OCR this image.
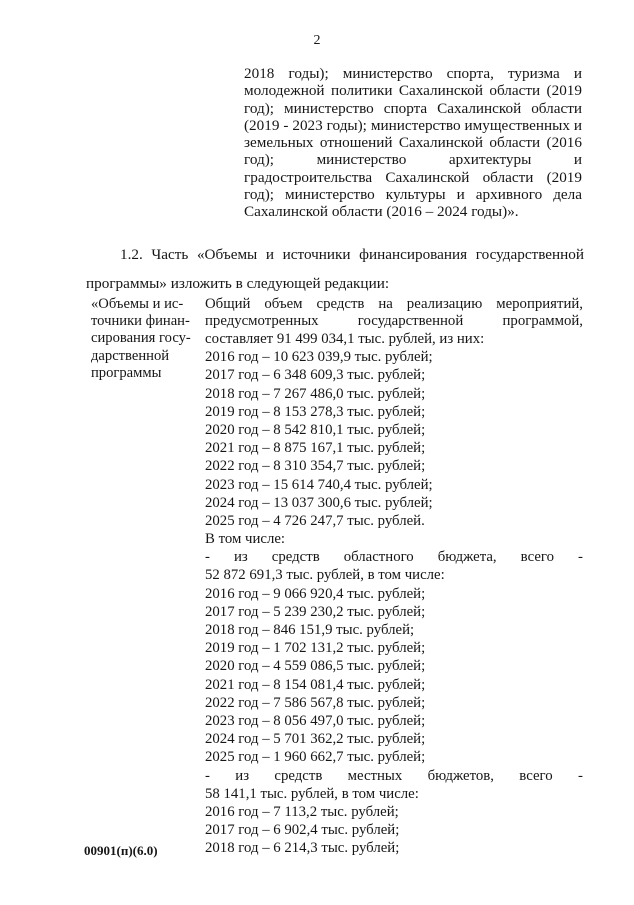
2
2018 годы); министерство спорта, туризма и молодежной политики Сахалинской области (2019 год); министерство спорта Сахалинской области (2019 - 2023 годы); министерство имущественных и земельных отношений Сахалинской области (2016 год); министерство архитектуры и градостроительства Сахалинской области (2019 год); министерство культуры и архивного дела Сахалинской области (2016 – 2024 годы)».
1.2. Часть «Объемы и источники финансирования государственной программы» изложить в следующей редакции:
«Объемы и ис-
точники финан-
сирования госу-
дарственной
программы
Общий объем средств на реализацию мероприятий, предусмотренных государственной программой, составляет 91 499 034,1 тыс. рублей, из них:
2016 год – 10 623 039,9 тыс. рублей;
2017 год – 6 348 609,3 тыс. рублей;
2018 год – 7 267 486,0 тыс. рублей;
2019 год – 8 153 278,3 тыс. рублей;
2020 год – 8 542 810,1 тыс. рублей;
2021 год – 8 875 167,1 тыс. рублей;
2022 год – 8 310 354,7 тыс. рублей;
2023 год – 15 614 740,4 тыс. рублей;
2024 год – 13 037 300,6 тыс. рублей;
2025 год – 4 726 247,7 тыс. рублей.
В том числе:
- из средств областного бюджета, всего -
52 872 691,3 тыс. рублей, в том числе:
2016 год – 9 066 920,4 тыс. рублей;
2017 год – 5 239 230,2 тыс. рублей;
2018 год – 846 151,9 тыс. рублей;
2019 год – 1 702 131,2 тыс. рублей;
2020 год – 4 559 086,5 тыс. рублей;
2021 год – 8 154 081,4 тыс. рублей;
2022 год – 7 586 567,8 тыс. рублей;
2023 год – 8 056 497,0 тыс. рублей;
2024 год – 5 701 362,2 тыс. рублей;
2025 год – 1 960 662,7 тыс. рублей;
- из средств местных бюджетов, всего -
58 141,1 тыс. рублей, в том числе:
2016 год – 7 113,2 тыс. рублей;
2017 год – 6 902,4 тыс. рублей;
2018 год – 6 214,3 тыс. рублей;
00901(п)(6.0)
